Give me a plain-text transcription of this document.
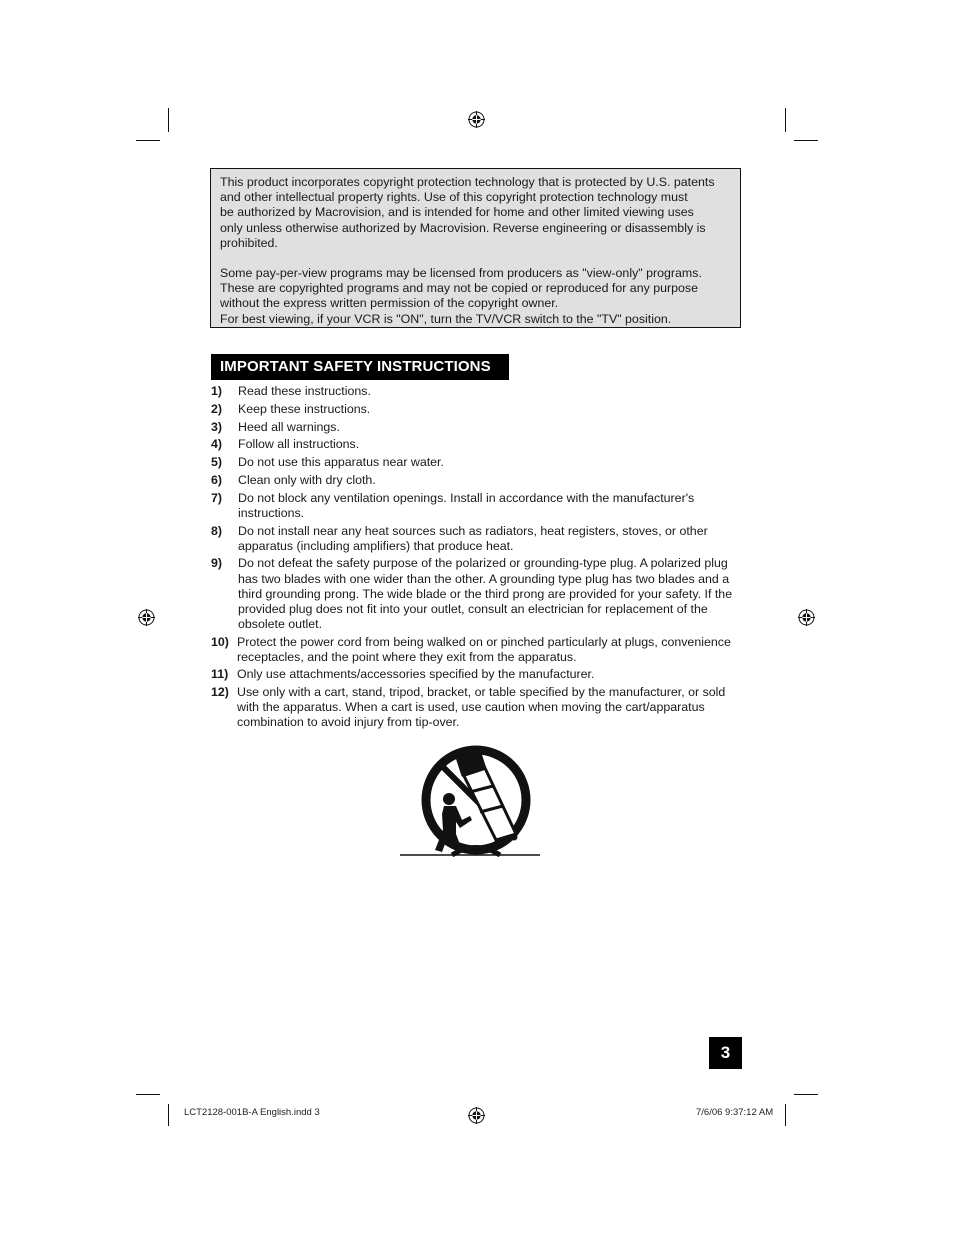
This product incorporates copyright protection technology that is protected by U.S. patents
and other intellectual property rights. Use of this copyright protection technology must
be authorized by Macrovision, and is intended for home and other limited viewing uses
only unless otherwise authorized by Macrovision. Reverse engineering or disassembly is
prohibited.

Some pay-per-view programs may be licensed from producers as "view-only" programs.
These are copyrighted programs and may not be copied or reproduced for any purpose
without the express written permission of the copyright owner.
For best viewing, if your VCR is "ON", turn the TV/VCR switch to the "TV" position.

IMPORTANT SAFETY INSTRUCTIONS
1)	Read these instructions.
2)	Keep these instructions.
3)	Heed all warnings.
4)	Follow all instructions.
5)	Do not use this apparatus near water.
6)	Clean only with dry cloth.
7)	Do not block any ventilation openings. Install in accordance with the manufacturer's instructions.
8)	Do not install near any heat sources such as radiators, heat registers, stoves, or other apparatus (including amplifiers) that produce heat.
9)	Do not defeat the safety purpose of the polarized or grounding-type plug. A polarized plug has two blades with one wider than the other. A grounding type plug has two blades and a third grounding prong. The wide blade or the third prong are provided for your safety. If the provided plug does not fit into your outlet, consult an electrician for replacement of the obsolete outlet.
10) Protect the power cord from being walked on or pinched particularly at plugs, convenience receptacles, and the point where they exit from the apparatus.
11) Only use attachments/accessories specified by the manufacturer.
12) Use only with a cart, stand, tripod, bracket, or table specified by the manufacturer, or sold with the apparatus. When a cart is used, use caution when moving the cart/apparatus combination to avoid injury from tip-over.
3
LCT2128-001B-A English.indd 3	7/6/06 9:37:12 AM
